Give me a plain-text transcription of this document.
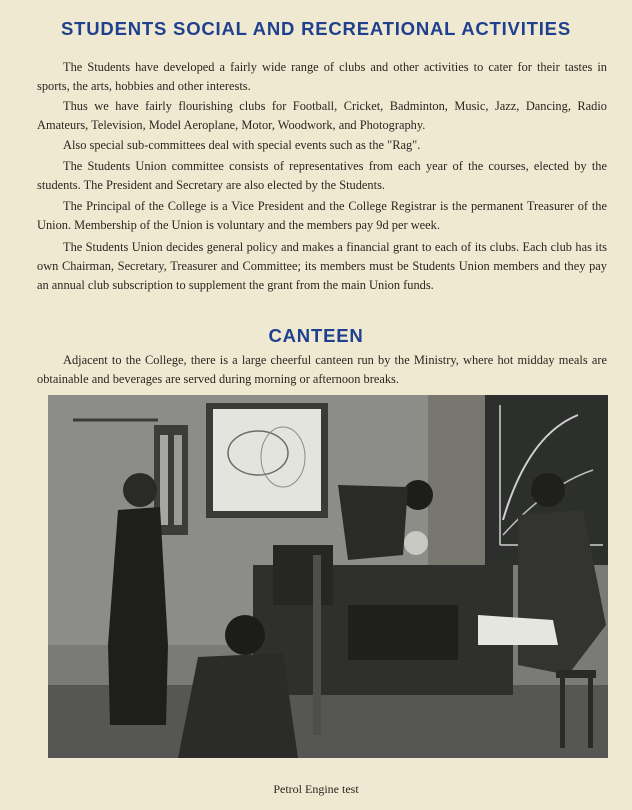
STUDENTS SOCIAL AND RECREATIONAL ACTIVITIES

The Students have developed a fairly wide range of clubs and other activities to cater for their tastes in sports, the arts, hobbies and other interests.

Thus we have fairly flourishing clubs for Football, Cricket, Badminton, Music, Jazz, Dancing, Radio Amateurs, Television, Model Aeroplane, Motor, Woodwork, and Photography.

Also special sub-committees deal with special events such as the "Rag".

The Students Union committee consists of representatives from each year of the courses, elected by the students. The President and Secretary are also elected by the Students.

The Principal of the College is a Vice President and the College Registrar is the permanent Treasurer of the Union. Membership of the Union is voluntary and the members pay 9d per week.

The Students Union decides general policy and makes a financial grant to each of its clubs. Each club has its own Chairman, Secretary, Treasurer and Committee; its members must be Students Union members and they pay an annual club subscription to supplement the grant from the main Union funds.

CANTEEN

Adjacent to the College, there is a large cheerful canteen run by the Ministry, where hot midday meals are obtainable and beverages are served during morning or afternoon breaks.

Petrol Engine test
